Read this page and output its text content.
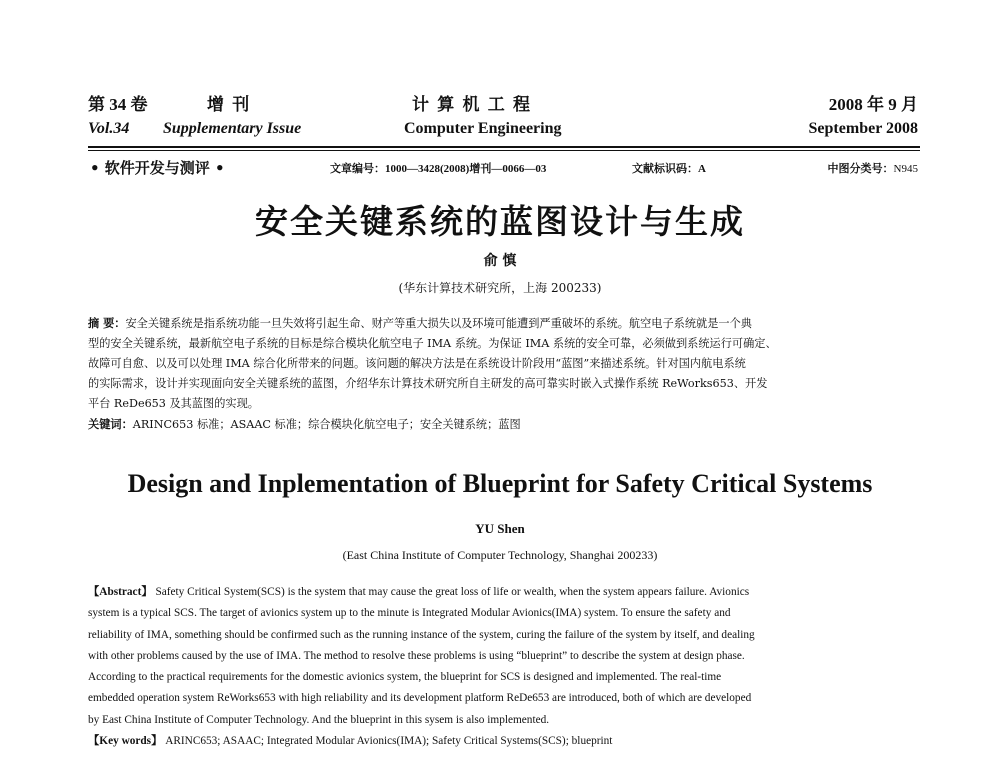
第 34 卷	增 刊	计 算 机 工 程	2008 年 9 月
Vol.34 Supplementary Issue	Computer Engineering	September 2008
• 软件开发与测评 •	文章编号：1000—3428(2008)增刊—0066—03	文献标识码：A	中图分类号：N945
安全关键系统的蓝图设计与生成
俞 慎
(华东计算技术研究所，上海 200233)
摘 要：安全关键系统是指系统功能一旦失效将引起生命、财产等重大损失以及环境可能遭到严重破坏的系统。航空电子系统就是一个典
型的安全关键系统，最新航空电子系统的目标是综合模块化航空电子 IMA 系统。为保证 IMA 系统的安全可靠，必须做到系统运行可确定、
故障可自愈、以及可以处理 IMA 综合化所带来的问题。该问题的解决方法是在系统设计阶段用“蓝图”来描述系统。针对国内航电系统
的实际需求，设计并实现面向安全关键系统的蓝图，介绍华东计算技术研究所自主研发的高可靠实时嵌入式操作系统 ReWorks653、开发
平台 ReDe653 及其蓝图的实现。
关键词：ARINC653 标准；ASAAC 标准；综合模块化航空电子；安全关键系统；蓝图
Design and Inplementation of Blueprint for Safety Critical Systems
YU Shen
(East China Institute of Computer Technology, Shanghai 200233)
【Abstract】 Safety Critical System(SCS) is the system that may cause the great loss of life or wealth, when the system appears failure. Avionics
system is a typical SCS. The target of avionics system up to the minute is Integrated Modular Avionics(IMA) system. To ensure the safety and
reliability of IMA, something should be confirmed such as the running instance of the system, curing the failure of the system by itself, and dealing
with other problems caused by the use of IMA. The method to resolve these problems is using “blueprint” to describe the system at design phase.
According to the practical requirements for the domestic avionics system, the blueprint for SCS is designed and implemented. The real-time
embedded operation system ReWorks653 with high reliability and its development platform ReDe653 are introduced, both of which are developed
by East China Institute of Computer Technology. And the blueprint in this sysem is also implemented.
【Key words】 ARINC653; ASAAC; Integrated Modular Avionics(IMA); Safety Critical Systems(SCS); blueprint
